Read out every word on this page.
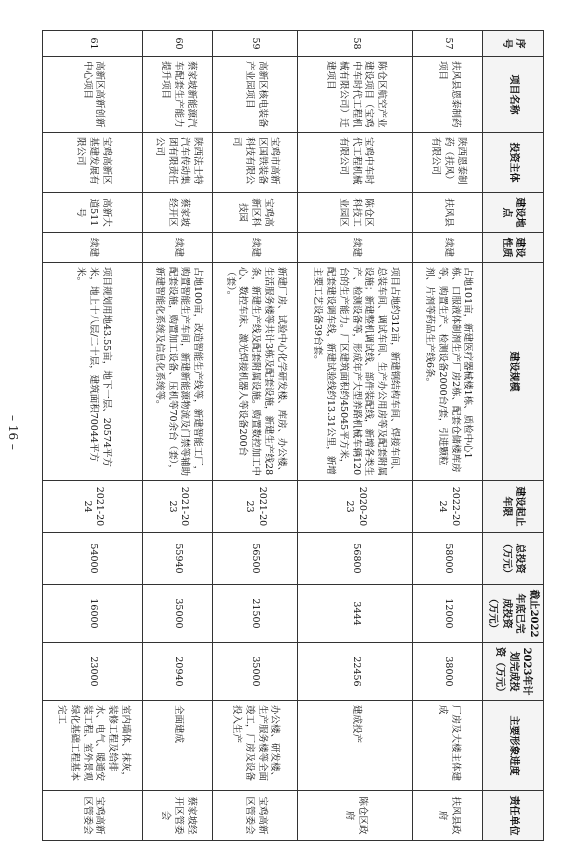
– 16 –
序号	项目名称	投资主体	建设地点	建设性质	建设规模	建设起止年限	总投资（万元）	截止2022年底已完成投资（万元）	2023年计划完成投资（万元）	主要形象进度	责任单位
57	扶风县恩泰制药项目	陕西恩泰制药（扶风）有限公司	扶风县	续建	占地101亩，新建医疗器械楼1栋、质检中心1栋、口服液体制剂生产厂房2栋、配套仓储楼库房等，购置生产、检测设备2000台/套，引进颗粒剂、片剂等药品生产线6条。	2022-2024	58000	12000	38000	厂房及大楼主体建成	扶风县政府
58	陈仓区航空产业建设项目（宝鸡中车时代工程机械有限公司）迁建项目	宝鸡中车时代工程机械有限公司	陈仓区科技工业园区	续建	项目占地约312亩，新建钢结构车间、焊接车间、总装车间、调试车间、生产办公用房等及配套附属设施；新建整机调试线、部件装配线，新增各类生产、检测设备等，形成年产大型养路机械车辆120台的生产能力。厂区建筑面积约45045平方米，配套建设调车线，新建试验线约13.31公里，新增主要工艺设备39台套。	2020-2023	56800	3444	22456	建成投产	陈仓区政府
59	高新区核电装备产业园项目	宝鸡市高新区国铁装备科技有限公司	宝鸡高新区科技园	续建	新建厂房、试验中心化学研发楼、库房、办公楼、生活服务楼等共计3栋及配套设施，新建生产线28条，新建生产线及配套附属设施。购置数控加工中心、数控车床、激光焊接机器人等设备200台（套）。	2021-2023	56500	21500	35000	办公楼、研发楼、生产服务楼等全面竣工，厂房及设备投入生产	宝鸡高新区管委会
60	蔡家坡新能源汽车配套生产能力提升项目	陕西法士特汽车传动集团有限责任公司	蔡家坡经开区	续建	占地100亩，改造智能生产线等，新建智能工厂，购置智能生产车间，新建新能源物流及门禁等辅助配套设施，购置加工设备、压机等70余台（套），新建智能化系统及信息化系统等。	2021-2023	55940	35000	20940	全面建成	蔡家坡经开区管委会
61	高新区高新创新中心项目	宝鸡高新区基建发展有限公司	高新大道511号	续建	项目规划用地43.55亩，地下一层、20574平方米，地上十八层/二十层，建筑面积70044平方米。	2021-2024	54000	16000	23000	室内墙体、抹灰，装修工程及给排水、电气、暖通安装工程、室外景观绿化基础工程基本完工	宝鸡高新区管委会
